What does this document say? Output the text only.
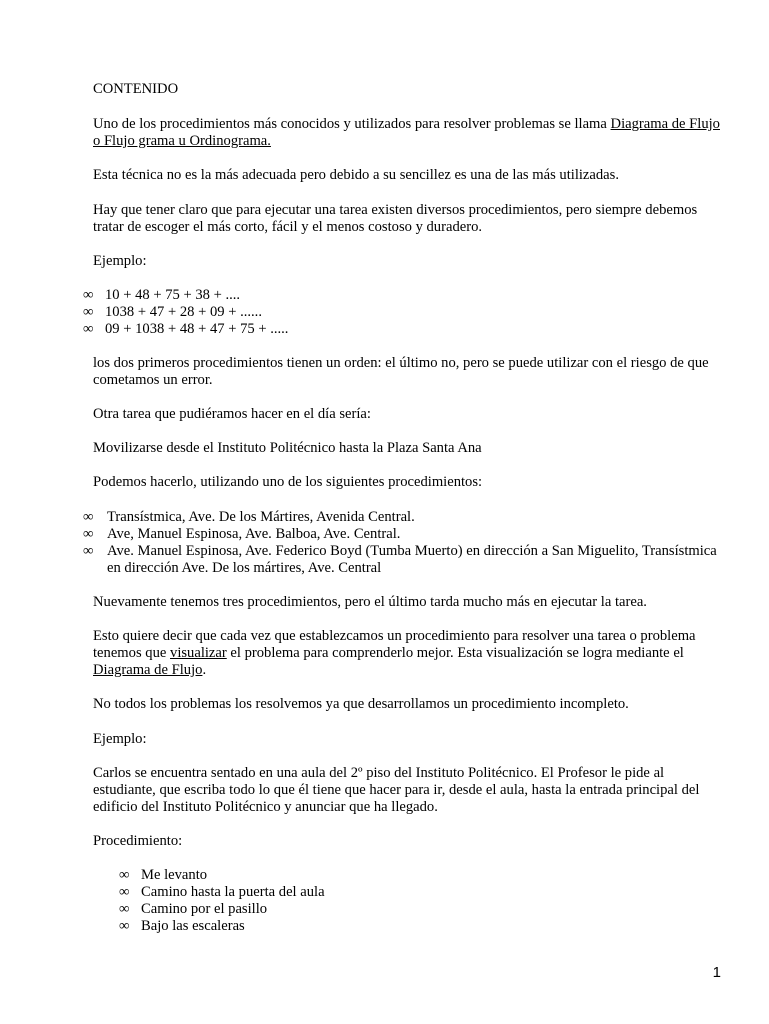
CONTENIDO

Uno de los procedimientos más conocidos y utilizados para resolver problemas se llama Diagrama de Flujo o Flujo grama u Ordinograma.

Esta técnica no es la más adecuada pero debido a su sencillez es una de las más utilizadas.

Hay que tener claro que para ejecutar una tarea existen diversos procedimientos, pero siempre debemos tratar de escoger el más corto, fácil y el menos costoso y duradero.

Ejemplo:

∞ 10 + 48 + 75 + 38 + ....
∞ 1038 + 47 + 28 + 09 + ......
∞ 09 + 1038 + 48 + 47 + 75 + .....

los dos primeros procedimientos tienen un orden: el último no, pero se puede utilizar con el riesgo de que cometamos un error.

Otra tarea que pudiéramos hacer en el día sería:

Movilizarse desde el Instituto Politécnico hasta la Plaza Santa Ana

Podemos hacerlo, utilizando uno de los siguientes procedimientos:

∞ Transístmica, Ave. De los Mártires, Avenida Central.
∞ Ave, Manuel Espinosa, Ave. Balboa, Ave. Central.
∞ Ave. Manuel Espinosa, Ave. Federico Boyd (Tumba Muerto) en dirección a San Miguelito, Transístmica en dirección Ave. De los mártires, Ave. Central

Nuevamente tenemos tres procedimientos, pero el último tarda mucho más en ejecutar la tarea.

Esto quiere decir que cada vez que establezcamos un procedimiento para resolver una tarea o problema tenemos que visualizar el problema para comprenderlo mejor. Esta visualización se logra mediante el Diagrama de Flujo.

No todos los problemas los resolvemos ya que desarrollamos un procedimiento incompleto.

Ejemplo:

Carlos se encuentra sentado en una aula del 2º piso del Instituto Politécnico. El Profesor le pide al estudiante, que escriba todo lo que él tiene que hacer para ir, desde el aula, hasta la entrada principal del edificio del Instituto Politécnico y anunciar que ha llegado.

Procedimiento:

∞ Me levanto
∞ Camino hasta la puerta del aula
∞ Camino por el pasillo
∞ Bajo las escaleras
1
